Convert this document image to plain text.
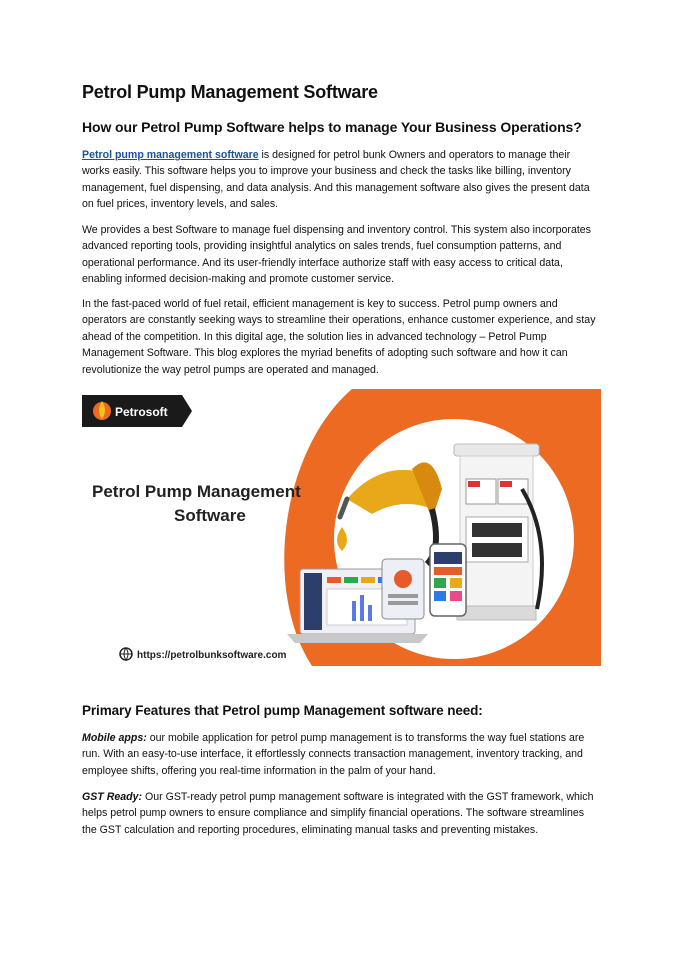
Petrol Pump Management Software
How our Petrol Pump Software helps to manage Your Business Operations?

Petrol pump management software is designed for petrol bunk Owners and operators to manage their works easily. This software helps you to improve your business and check the tasks like billing, inventory management, fuel dispensing, and data analysis. And this management software also gives the present data on fuel prices, inventory levels, and sales.

We provides a best Software to manage fuel dispensing and inventory control. This system also incorporates advanced reporting tools, providing insightful analytics on sales trends, fuel consumption patterns, and operational performance. And its user-friendly interface authorize staff with easy access to critical data, enabling informed decision-making and promote customer service.

In the fast-paced world of fuel retail, efficient management is key to success. Petrol pump owners and operators are constantly seeking ways to streamline their operations, enhance customer experience, and stay ahead of the competition. In this digital age, the solution lies in advanced technology – Petrol Pump Management Software. This blog explores the myriad benefits of adopting such software and how it can revolutionize the way petrol pumps are operated and managed.

Petrosoft
Petrol Pump Management
Software
https://petrolbunksoftware.com
Primary Features that Petrol pump Management software need:

Mobile apps: our mobile application for petrol pump management is to transforms the way fuel stations are run. With an easy-to-use interface, it effortlessly connects transaction management, inventory tracking, and employee shifts, offering you real-time information in the palm of your hand.

GST Ready: Our GST-ready petrol pump management software is integrated with the GST framework, which helps petrol pump owners to ensure compliance and simplify financial operations. The software streamlines the GST calculation and reporting procedures, eliminating manual tasks and preventing mistakes.
